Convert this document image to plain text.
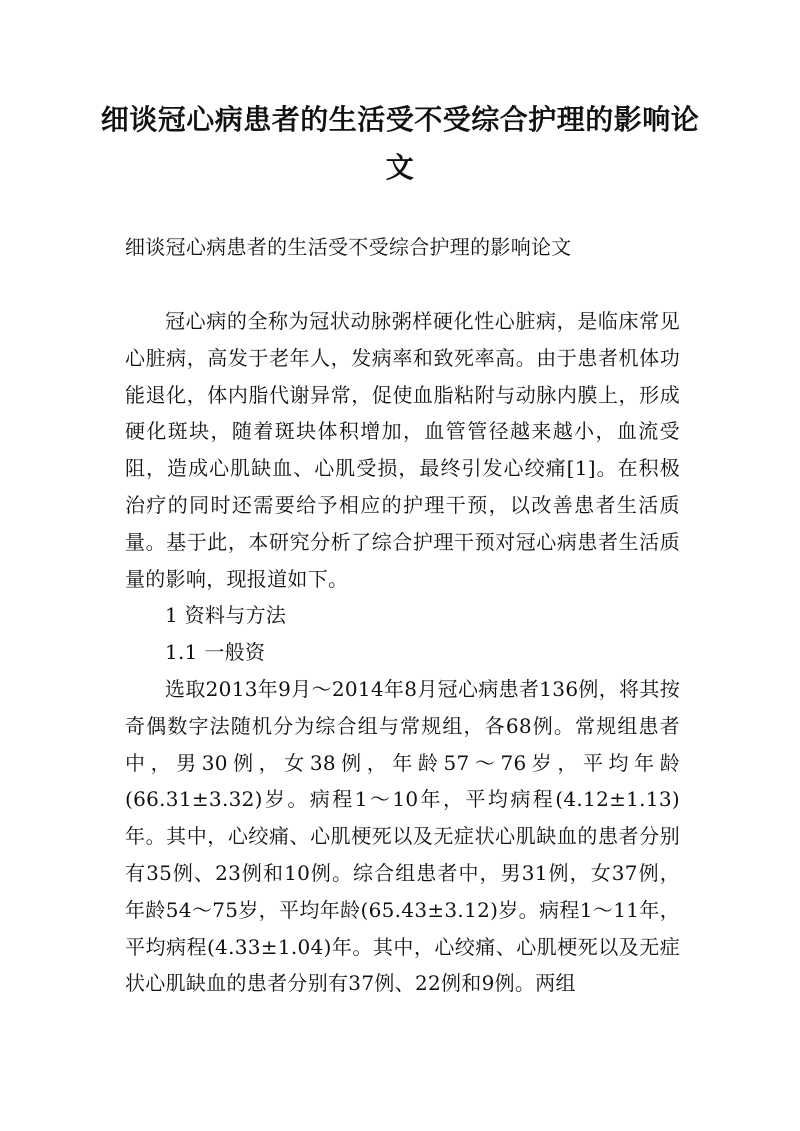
细谈冠心病患者的生活受不受综合护理的影响论文

细谈冠心病患者的生活受不受综合护理的影响论文

冠心病的全称为冠状动脉粥样硬化性心脏病，是临床常见心脏病，高发于老年人，发病率和致死率高。由于患者机体功能退化，体内脂代谢异常，促使血脂粘附与动脉内膜上，形成硬化斑块，随着斑块体积增加，血管管径越来越小，血流受阻，造成心肌缺血、心肌受损，最终引发心绞痛[1]。在积极治疗的同时还需要给予相应的护理干预，以改善患者生活质量。基于此，本研究分析了综合护理干预对冠心病患者生活质量的影响，现报道如下。

1 资料与方法

1.1 一般资

选取2013年9月～2014年8月冠心病患者136例，将其按奇偶数字法随机分为综合组与常规组，各68例。常规组患者中，男30例，女38例，年龄57～76岁，平均年龄(66.31±3.32)岁。病程1～10年，平均病程(4.12±1.13)年。其中，心绞痛、心肌梗死以及无症状心肌缺血的患者分别有35例、23例和10例。综合组患者中，男31例，女37例，年龄54～75岁，平均年龄(65.43±3.12)岁。病程1～11年，平均病程(4.33±1.04)年。其中，心绞痛、心肌梗死以及无症状心肌缺血的患者分别有37例、22例和9例。两组
